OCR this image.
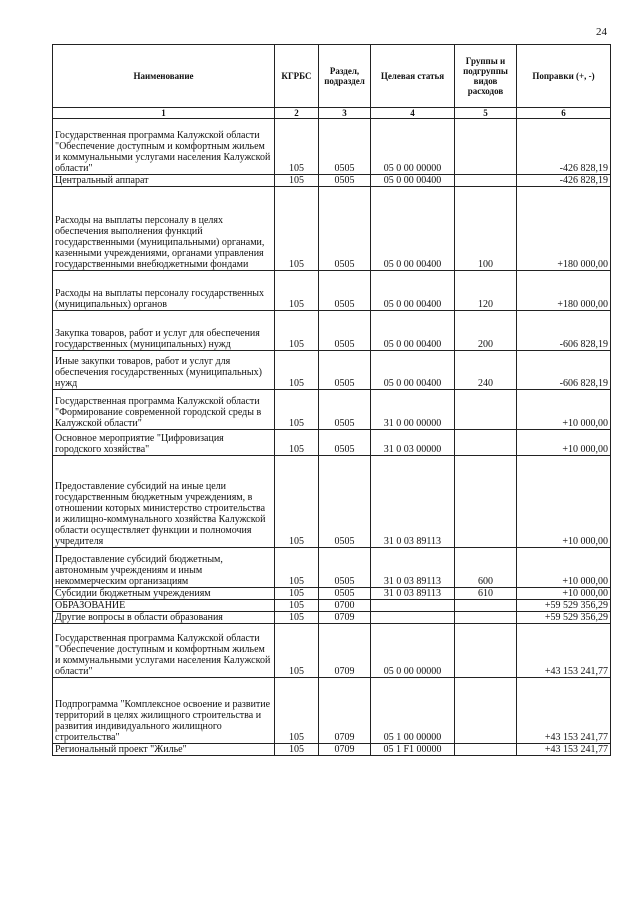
24
Наименование	КГРБС	Раздел, подраздел	Целевая статья	Группы и подгруппы видов расходов	Поправки (+, -)
1	2	3	4	5	6
Государственная программа Калужской области "Обеспечение доступным и комфортным жильем и коммунальными услугами населения Калужской области"	105	0505	05 0 00 00000		-426 828,19
Центральный аппарат	105	0505	05 0 00 00400		-426 828,19
Расходы на выплаты персоналу в целях обеспечения выполнения функций государственными (муниципальными) органами, казенными учреждениями, органами управления государственными внебюджетными фондами	105	0505	05 0 00 00400	100	+180 000,00
Расходы на выплаты персоналу государственных (муниципальных) органов	105	0505	05 0 00 00400	120	+180 000,00
Закупка товаров, работ и услуг для обеспечения государственных (муниципальных) нужд	105	0505	05 0 00 00400	200	-606 828,19
Иные закупки товаров, работ и услуг для обеспечения государственных (муниципальных) нужд	105	0505	05 0 00 00400	240	-606 828,19
Государственная программа Калужской области "Формирование современной городской среды в Калужской области"	105	0505	31 0 00 00000		+10 000,00
Основное мероприятие "Цифровизация городского хозяйства"	105	0505	31 0 03 00000		+10 000,00
Предоставление субсидий на иные цели государственным бюджетным учреждениям, в отношении которых министерство строительства и жилищно-коммунального хозяйства Калужской области осуществляет функции и полномочия учредителя	105	0505	31 0 03 89113		+10 000,00
Предоставление субсидий бюджетным, автономным учреждениям и иным некоммерческим организациям	105	0505	31 0 03 89113	600	+10 000,00
Субсидии бюджетным учреждениям	105	0505	31 0 03 89113	610	+10 000,00
ОБРАЗОВАНИЕ	105	0700			+59 529 356,29
Другие вопросы в области образования	105	0709			+59 529 356,29
Государственная программа Калужской области "Обеспечение доступным и комфортным жильем и коммунальными услугами населения Калужской области"	105	0709	05 0 00 00000		+43 153 241,77
Подпрограмма "Комплексное освоение и развитие территорий в целях жилищного строительства и развития индивидуального жилищного строительства"	105	0709	05 1 00 00000		+43 153 241,77
Региональный проект "Жилье"	105	0709	05 1 F1 00000		+43 153 241,77
